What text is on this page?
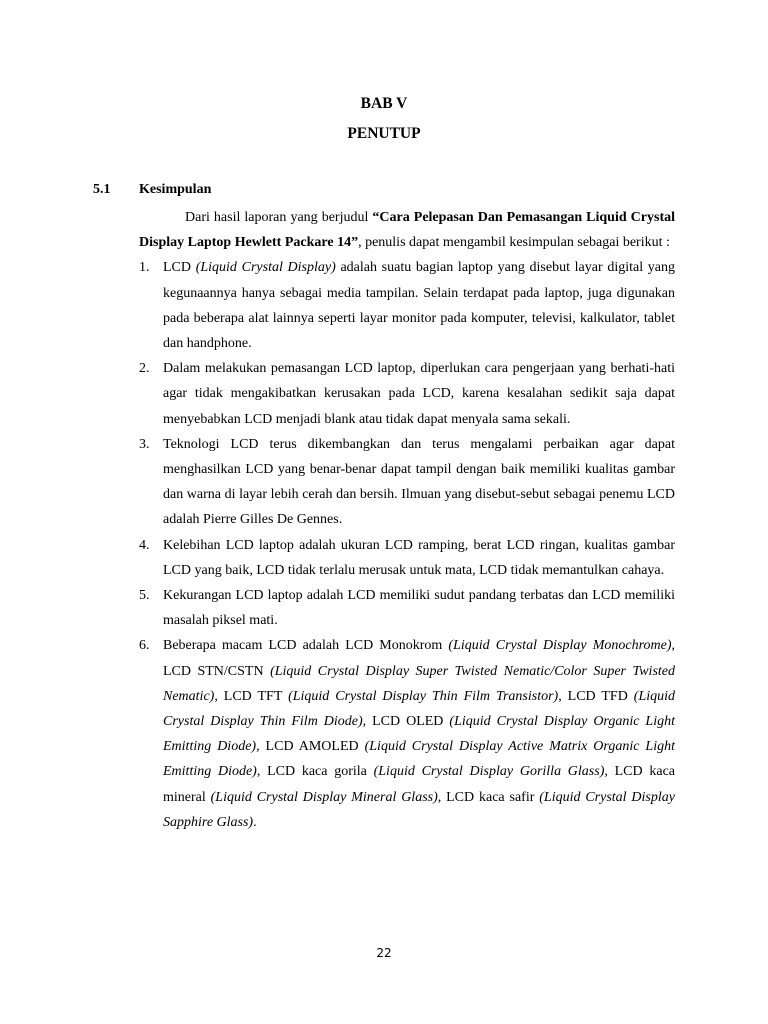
BAB V
PENUTUP
5.1 Kesimpulan

Dari hasil laporan yang berjudul “Cara Pelepasan Dan Pemasangan Liquid Crystal Display Laptop Hewlett Packare 14”, penulis dapat mengambil kesimpulan sebagai berikut :

1. LCD (Liquid Crystal Display) adalah suatu bagian laptop yang disebut layar digital yang kegunaannya hanya sebagai media tampilan. Selain terdapat pada laptop, juga digunakan pada beberapa alat lainnya seperti layar monitor pada komputer, televisi, kalkulator, tablet dan handphone.
2. Dalam melakukan pemasangan LCD laptop, diperlukan cara pengerjaan yang berhati-hati agar tidak mengakibatkan kerusakan pada LCD, karena kesalahan sedikit saja dapat menyebabkan LCD menjadi blank atau tidak dapat menyala sama sekali.
3. Teknologi LCD terus dikembangkan dan terus mengalami perbaikan agar dapat menghasilkan LCD yang benar-benar dapat tampil dengan baik memiliki kualitas gambar dan warna di layar lebih cerah dan bersih. Ilmuan yang disebut-sebut sebagai penemu LCD adalah Pierre Gilles De Gennes.
4. Kelebihan LCD laptop adalah ukuran LCD ramping, berat LCD ringan, kualitas gambar LCD yang baik, LCD tidak terlalu merusak untuk mata, LCD tidak memantulkan cahaya.
5. Kekurangan LCD laptop adalah LCD memiliki sudut pandang terbatas dan LCD memiliki masalah piksel mati.
6. Beberapa macam LCD adalah LCD Monokrom (Liquid Crystal Display Monochrome), LCD STN/CSTN (Liquid Crystal Display Super Twisted Nematic/Color Super Twisted Nematic), LCD TFT (Liquid Crystal Display Thin Film Transistor), LCD TFD (Liquid Crystal Display Thin Film Diode), LCD OLED (Liquid Crystal Display Organic Light Emitting Diode), LCD AMOLED (Liquid Crystal Display Active Matrix Organic Light Emitting Diode), LCD kaca gorila (Liquid Crystal Display Gorilla Glass), LCD kaca mineral (Liquid Crystal Display Mineral Glass), LCD kaca safir (Liquid Crystal Display Sapphire Glass).
22
